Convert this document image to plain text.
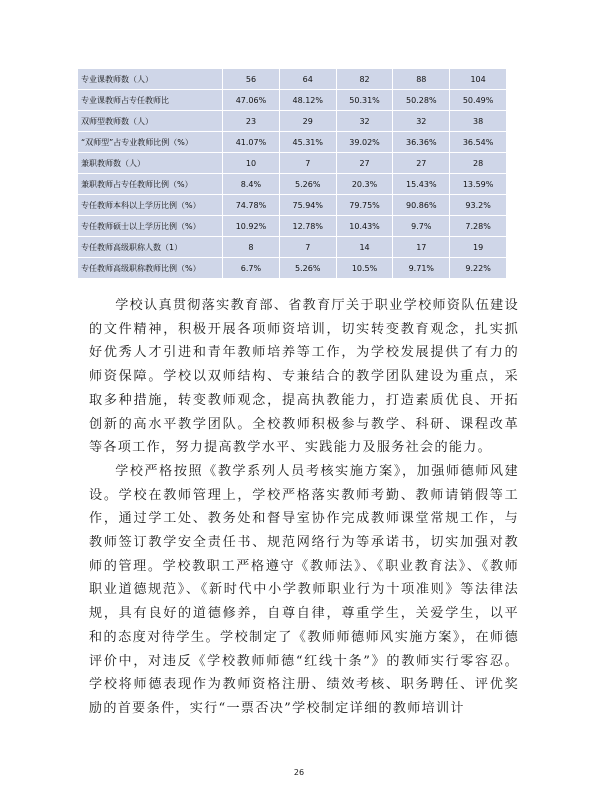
专业课教师数（人）	56	64	82	88	104
专业课教师占专任教师比	47.06%	48.12%	50.31%	50.28%	50.49%
双师型教师数（人）	23	29	32	32	38
“双师型”占专业教师比例（%）	41.07%	45.31%	39.02%	36.36%	36.54%
兼职教师数（人）	10	7	27	27	28
兼职教师占专任教师比例（%）	8.4%	5.26%	20.3%	15.43%	13.59%
专任教师本科以上学历比例（%）	74.78%	75.94%	79.75%	90.86%	93.2%
专任教师硕士以上学历比例（%）	10.92%	12.78%	10.43%	9.7%	7.28%
专任教师高级职称人数（1）	8	7	14	17	19
专任教师高级职称教师比例（%）	6.7%	5.26%	10.5%	9.71%	9.22%

学校认真贯彻落实教育部、省教育厅关于职业学校师资队伍建设的文件精神，积极开展各项师资培训，切实转变教育观念，扎实抓好优秀人才引进和青年教师培养等工作，为学校发展提供了有力的师资保障。学校以双师结构、专兼结合的教学团队建设为重点，采取多种措施，转变教师观念，提高执教能力，打造素质优良、开拓创新的高水平教学团队。全校教师积极参与教学、科研、课程改革等各项工作，努力提高教学水平、实践能力及服务社会的能力。

学校严格按照《教学系列人员考核实施方案》，加强师德师风建设。学校在教师管理上，学校严格落实教师考勤、教师请销假等工作，通过学工处、教务处和督导室协作完成教师课堂常规工作，与教师签订教学安全责任书、规范网络行为等承诺书，切实加强对教师的管理。学校教职工严格遵守《教师法》、《职业教育法》、《教师职业道德规范》、《新时代中小学教师职业行为十项准则》等法律法规，具有良好的道德修养，自尊自律，尊重学生，关爱学生，以平和的态度对待学生。学校制定了《教师师德师风实施方案》，在师德评价中，对违反《学校教师师德“红线十条”》的教师实行零容忍。学校将师德表现作为教师资格注册、绩效考核、职务聘任、评优奖励的首要条件，实行“一票否决”学校制定详细的教师培训计

26
